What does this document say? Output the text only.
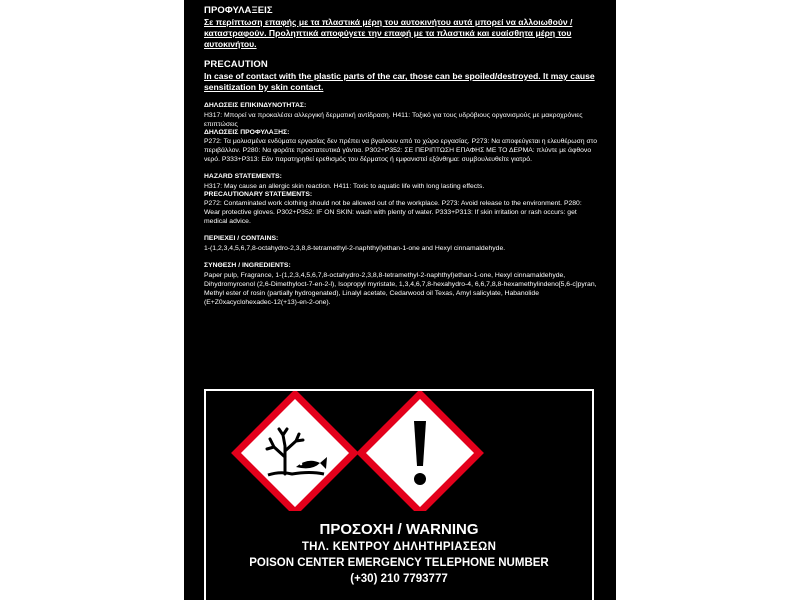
ΠΡΟΦΥΛΑΞΕΙΣ
Σε περίπτωση επαφής με τα πλαστικά μέρη του αυτοκινήτου αυτά μπορεί να αλλοιωθούν / καταστραφούν. Προληπτικά αποφύγετε την επαφή με τα πλαστικά και ευαίσθητα μέρη του αυτοκινήτου.
PRECAUTION
In case of contact with the plastic parts of the car, those can be spoiled/destroyed. It may cause sensitization by skin contact.
ΔΗΛΩΣΕΙΣ ΕΠΙΚΙΝΔΥΝΟΤΗΤΑΣ:
H317: Μπορεί να προκαλέσει αλλεργική δερματική αντίδραση. H411: Τοξικό για τους υδρόβιους οργανισμούς με μακροχρόνιες επιπτώσεις
ΔΗΛΩΣΕΙΣ ΠΡΟΦΥΛΑΞΗΣ:
P272: Τα μολυσμένα ενδύματα εργασίας δεν πρέπει να βγαίνουν από το χώρο εργασίας. P273: Να αποφεύγεται η ελευθέρωση στο περιβάλλον. P280: Να φοράτε προστατευτικά γάντια. P302+P352: ΣΕ ΠΕΡΙΠΤΩΣΗ ΕΠΑΦΗΣ ΜΕ ΤΟ ΔΕΡΜΑ: πλύντε με άφθονο νερό. P333+P313: Εάν παρατηρηθεί ερεθισμός του δέρματος ή εμφανιστεί εξάνθημα: συμβουλευθείτε γιατρό.
HAZARD STATEMENTS:
H317: May cause an allergic skin reaction. H411: Toxic to aquatic life with long lasting effects.
PRECAUTIONARY STATEMENTS:
P272: Contaminated work clothing should not be allowed out of the workplace. P273: Avoid release to the environment. P280: Wear protective gloves. P302+P352: IF ON SKIN: wash with plenty of water. P333+P313: If skin irritation or rash occurs: get medical advice.
ΠΕΡΙΕΧΕΙ / CONTAINS:
1-(1,2,3,4,5,6,7,8-octahydro-2,3,8,8-tetramethyl-2-naphthyl)ethan-1-one and Hexyl cinnamaldehyde.
ΣΥΝΘΕΣΗ / INGREDIENTS:
Paper pulp, Fragrance, 1-(1,2,3,4,5,6,7,8-octahydro-2,3,8,8-tetramethyl-2-naphthyl)ethan-1-one, Hexyl cinnamaldehyde, Dihydromyrcenol (2,6-Dimethyloct-7-en-2-l), Isopropyl myristate, 1,3,4,6,7,8-hexahydro-4, 6,6,7,8,8-hexamethylindeno[5,6-c]pyran, Methyl ester of rosin (partially hydrogenated), Linalyl acetate, Cedarwood oil Texas, Amyl salicylate, Habanolide (E+Z0xacyclohexadec-12(+13)-en-2-one).
ΠΡΟΣΟΧΗ / WARNING
ΤΗΛ. ΚΕΝΤΡΟΥ ΔΗΛΗΤΗΡΙΑΣΕΩΝ
POISON CENTER EMERGENCY TELEPHONE NUMBER
(+30) 210 7793777
